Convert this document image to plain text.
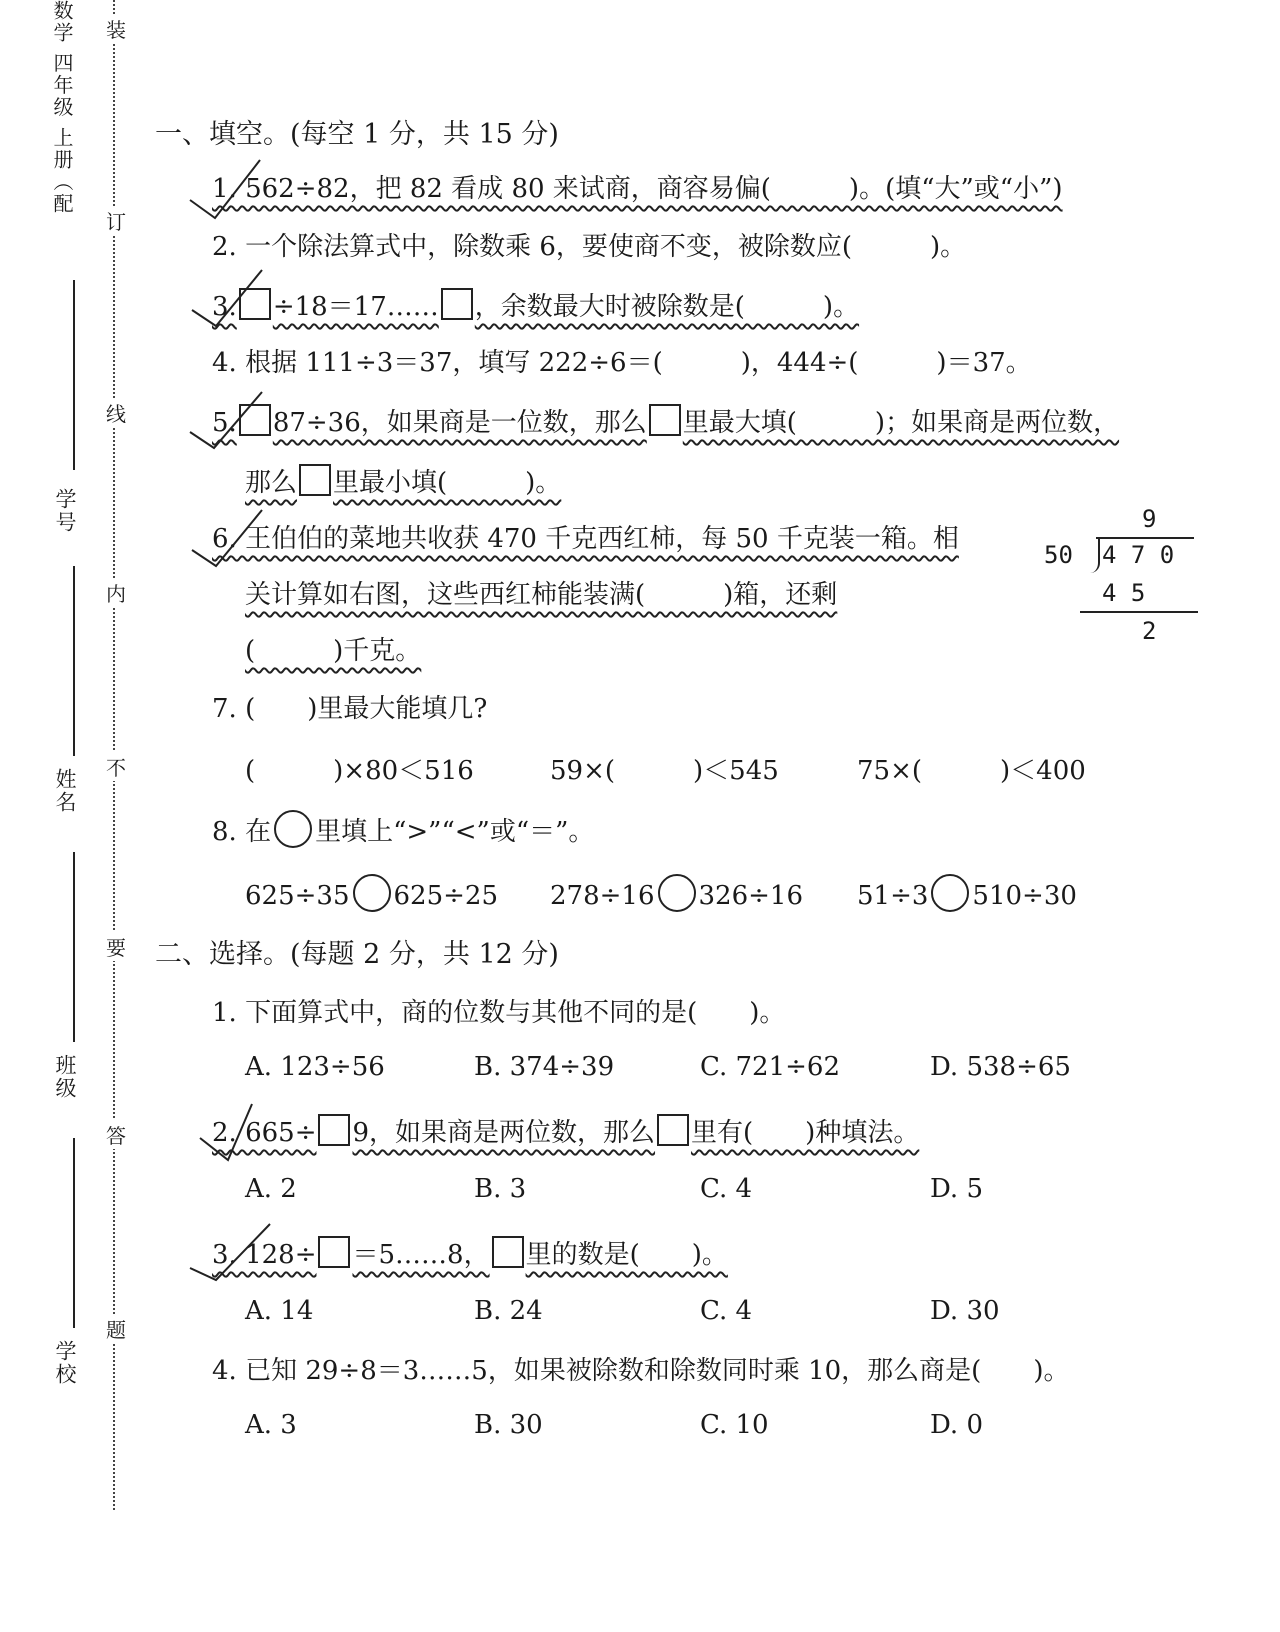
数学 四年级 上册（配
学号
姓名
班级
学校
装
订
线
内
不
要
答
题
一、填空。(每空 1 分，共 15 分)
1. 562÷82，把 82 看成 80 来试商，商容易偏(　　　)。(填“大”或“小”)
2. 一个除法算式中，除数乘 6，要使商不变，被除数应(　　　)。
3. ÷18＝17…… ，余数最大时被除数是(　　　)。
4. 根据 111÷3＝37，填写 222÷6＝(　　　)，444÷(　　　)＝37。
5. 87÷36，如果商是一位数，那么 里最大填(　　　)；如果商是两位数，
那么 里最小填(　　　)。
6. 王伯伯的菜地共收获 470 千克西红柿，每 50 千克装一箱。相
关计算如右图，这些西红柿能装满(　　　)箱，还剩
(　　　)千克。
9
50 4 7 0
4 5
2
7. (　　)里最大能填几?
(　　　)×80＜516	59×(　　　)＜545	75×(　　　)＜400
8. 在 里填上“>”“<”或“＝”。
625÷35 625÷25 278÷16 326÷16 51÷3 510÷30
二、选择。(每题 2 分，共 12 分)
1. 下面算式中，商的位数与其他不同的是(　　)。
A. 123÷56	B. 374÷39	C. 721÷62	D. 538÷65
2. 665÷ 9，如果商是两位数，那么 里有(　　)种填法。
A. 2	B. 3	C. 4	D. 5
3. 128÷ ＝5……8， 里的数是(　　)。
A. 14	B. 24	C. 4	D. 30
4. 已知 29÷8＝3……5，如果被除数和除数同时乘 10，那么商是(　　)。
A. 3	B. 30	C. 10	D. 0
